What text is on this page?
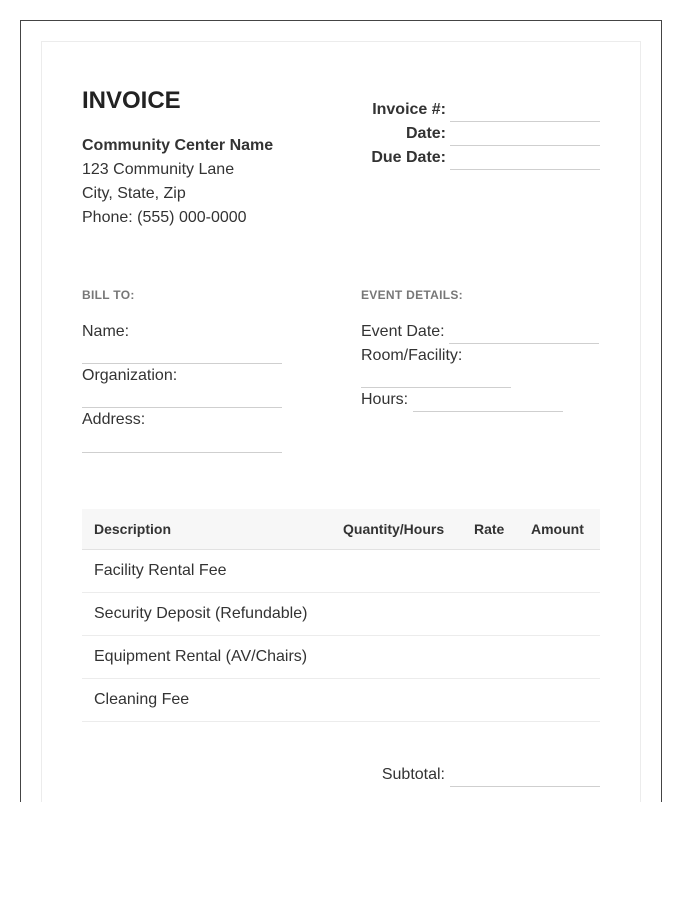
INVOICE
Community Center Name
123 Community Lane
City, State, Zip
Phone: (555) 000-0000
Invoice #:
Date:
Due Date:
BILL TO:
Name:
Organization:
Address:
EVENT DETAILS:
Event Date:
Room/Facility:
Hours:
Description	Quantity/Hours Rate Amount
Facility Rental Fee
Security Deposit (Refundable)
Equipment Rental (AV/Chairs)
Cleaning Fee
Subtotal:
